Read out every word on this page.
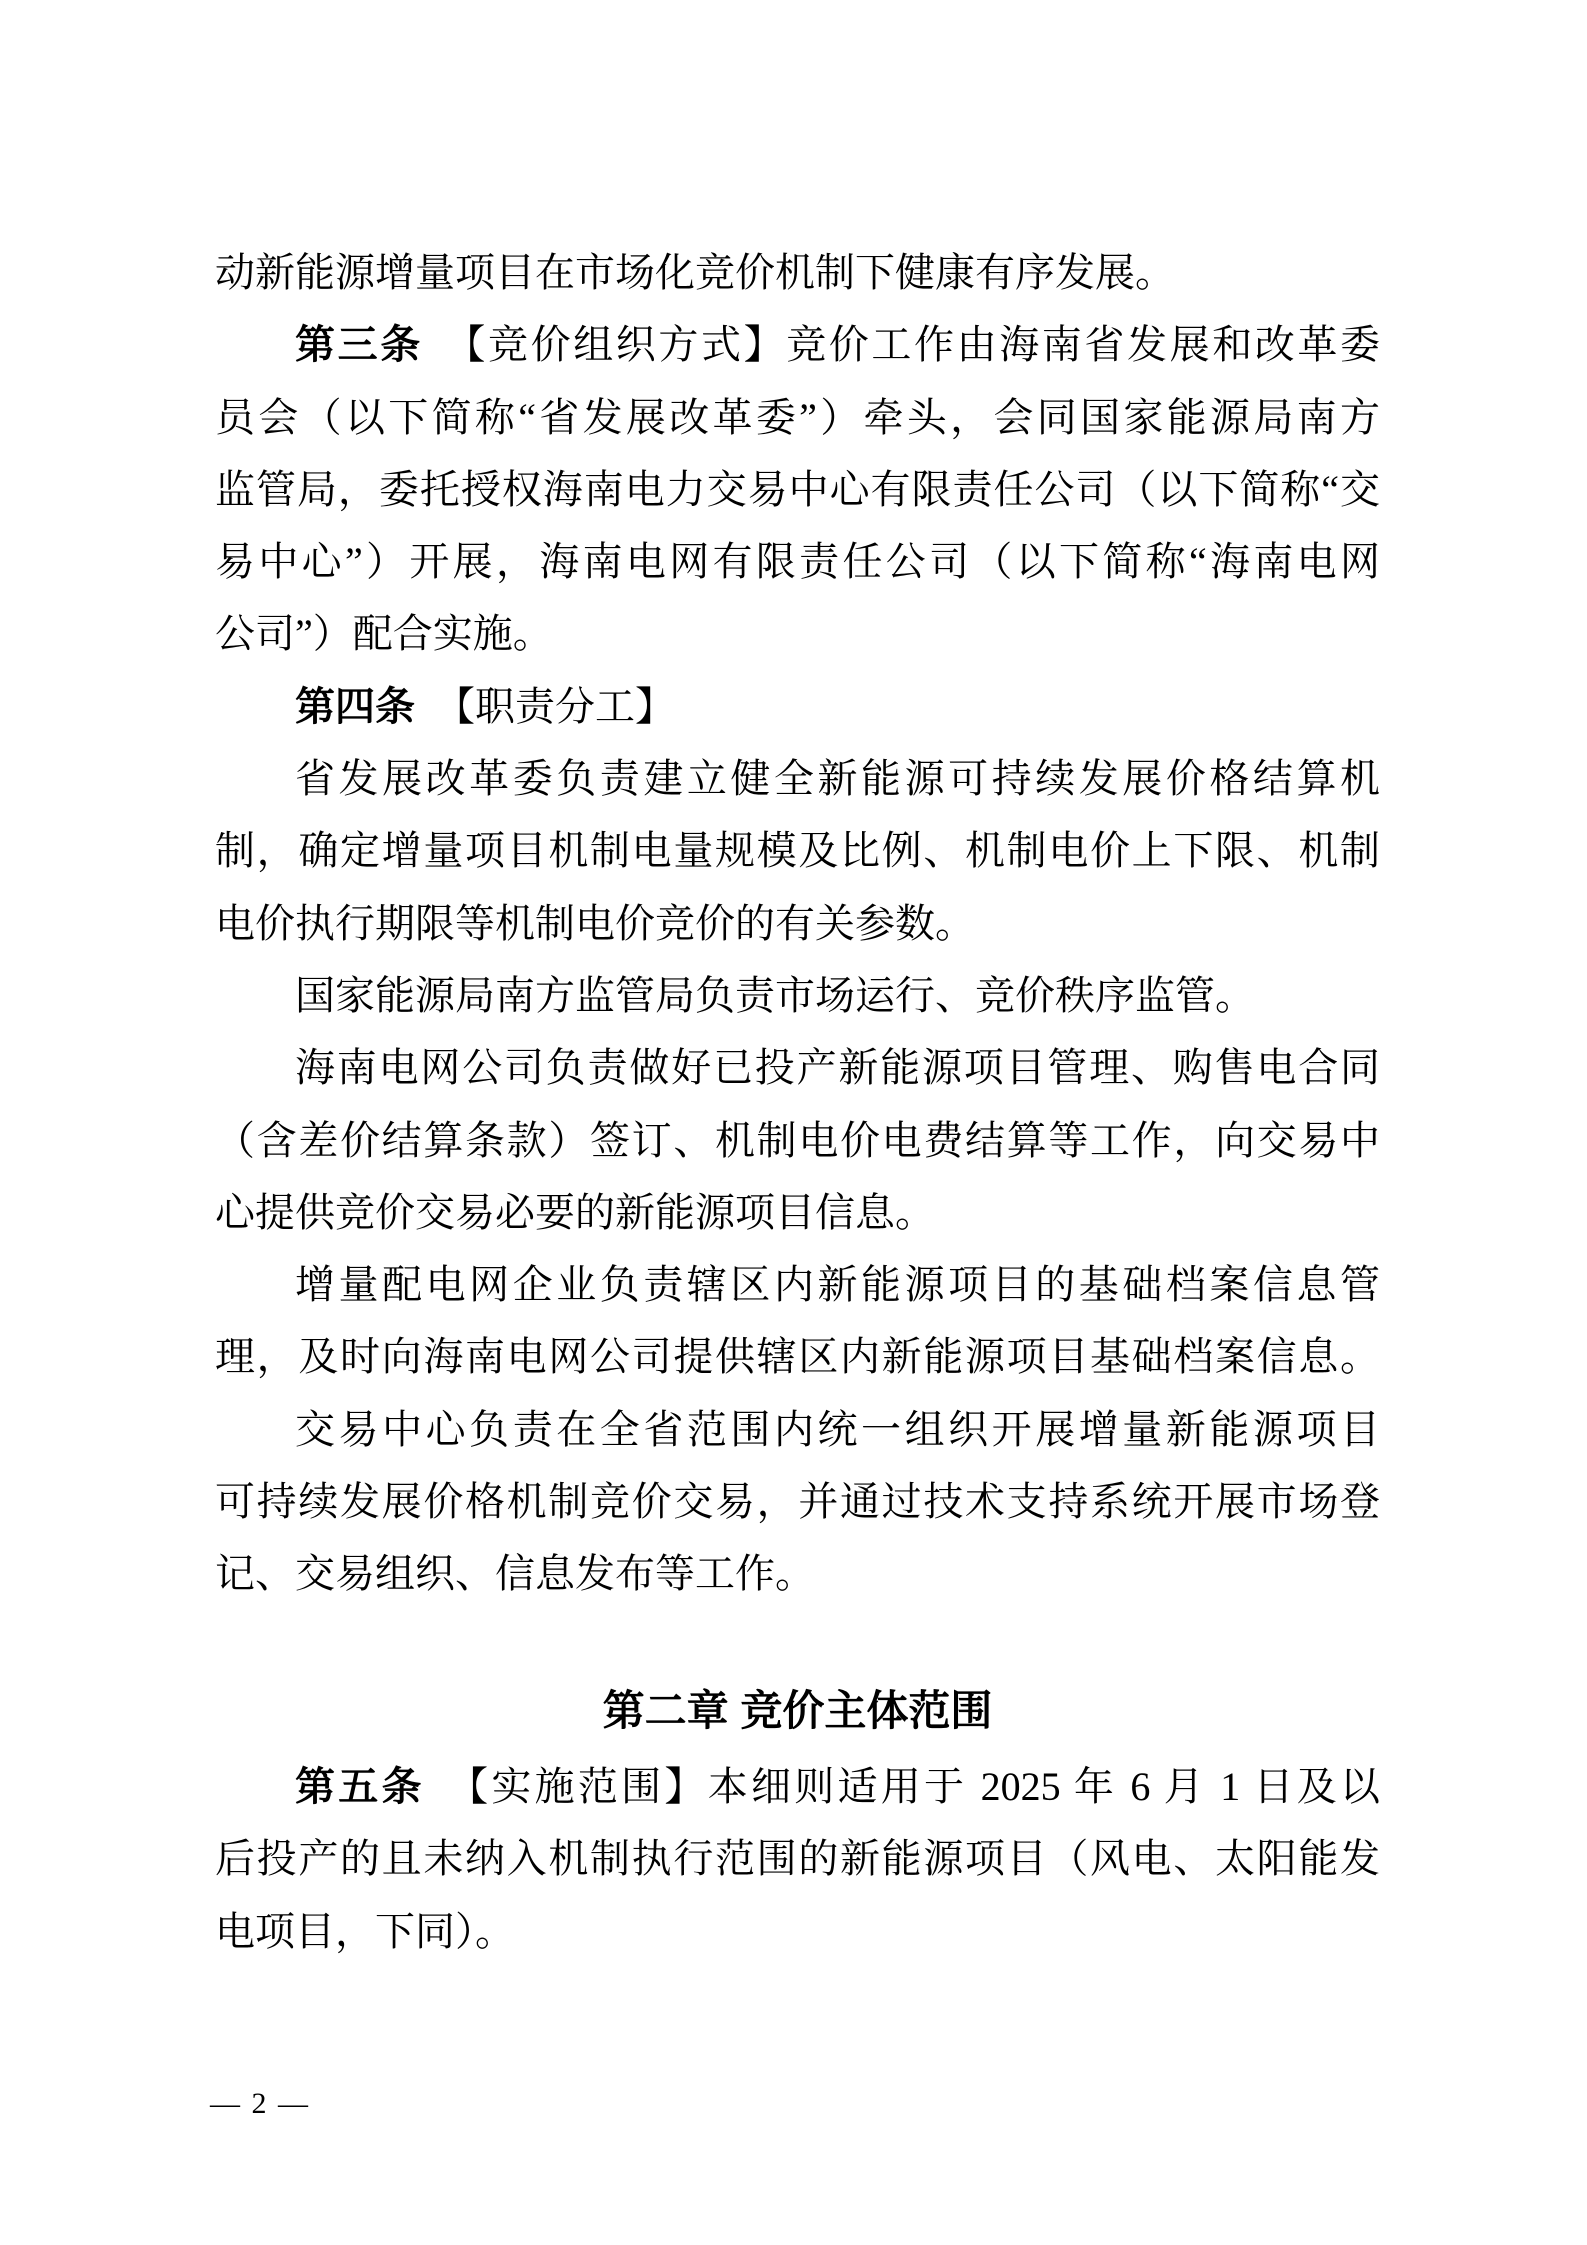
动新能源增量项目在市场化竞价机制下健康有序发展。
第三条　【竞价组织方式】竞价工作由海南省发展和改革委
员会（以下简称“省发展改革委”）牵头，会同国家能源局南方
监管局，委托授权海南电力交易中心有限责任公司（以下简称“交
易中心”）开展，海南电网有限责任公司（以下简称“海南电网
公司”）配合实施。
第四条　【职责分工】
省发展改革委负责建立健全新能源可持续发展价格结算机
制，确定增量项目机制电量规模及比例、机制电价上下限、机制
电价执行期限等机制电价竞价的有关参数。
国家能源局南方监管局负责市场运行、竞价秩序监管。
海南电网公司负责做好已投产新能源项目管理、购售电合同
（含差价结算条款）签订、机制电价电费结算等工作，向交易中
心提供竞价交易必要的新能源项目信息。
增量配电网企业负责辖区内新能源项目的基础档案信息管
理，及时向海南电网公司提供辖区内新能源项目基础档案信息。
交易中心负责在全省范围内统一组织开展增量新能源项目
可持续发展价格机制竞价交易，并通过技术支持系统开展市场登
记、交易组织、信息发布等工作。
第二章 竞价主体范围
第五条　【实施范围】本细则适用于 2025 年 6 月 1 日及以
后投产的且未纳入机制执行范围的新能源项目（风电、太阳能发
电项目，下同）。
— 2 —
